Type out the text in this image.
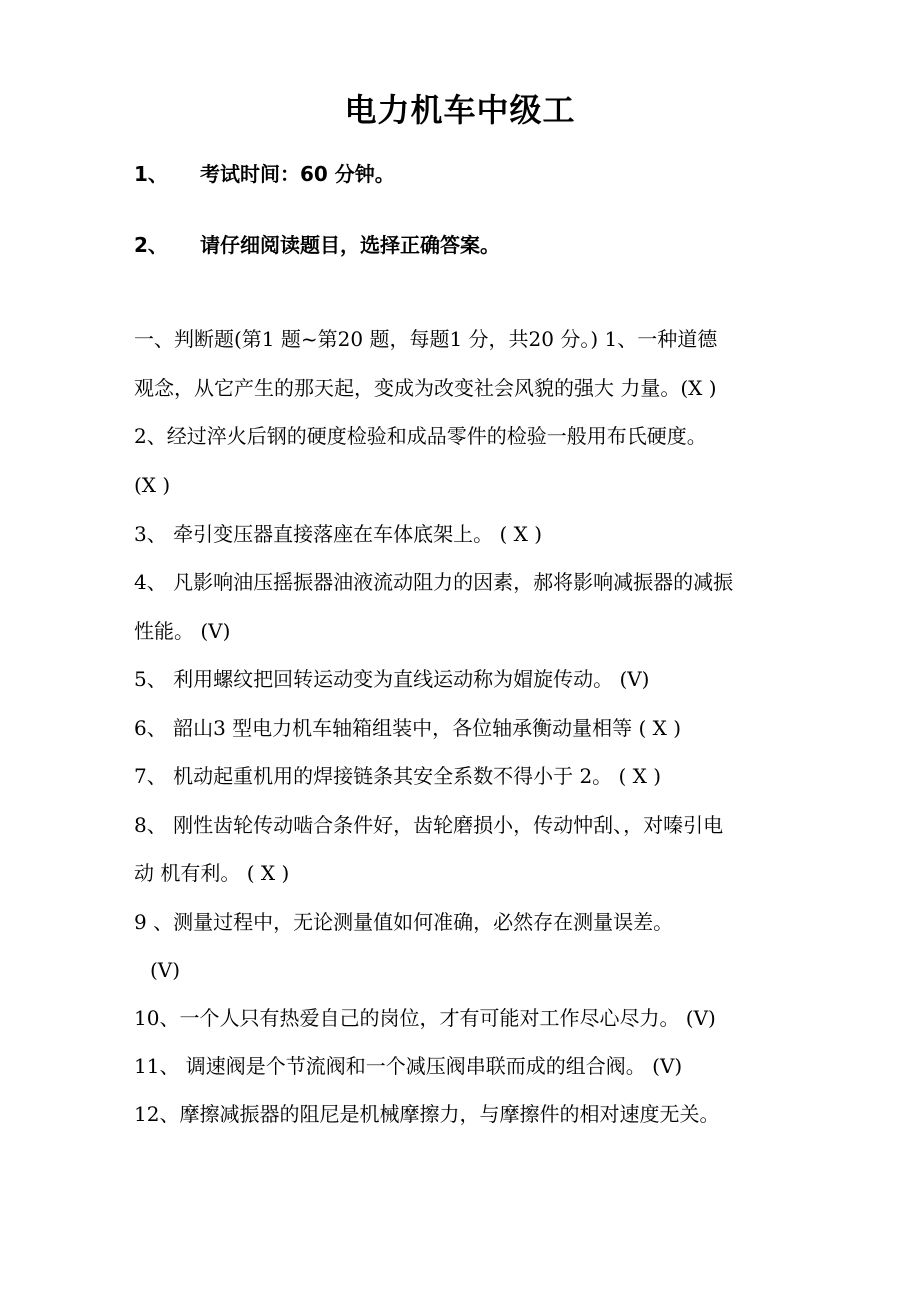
电力机车中级工
1、 考试时间：60 分钟。
2、 请仔细阅读题目，选择正确答案。
一、判断题(第1 题~第20 题，每题1 分，共20 分。) 1、一种道德
观念，从它产生的那天起，变成为改变社会风貌的强大 力量。(X )
2、经过淬火后钢的硬度检验和成品零件的检验一般用布氏硬度。
(X )
3、 牵引变压器直接落座在车体底架上。 ( X )
4、 凡影响油压摇振器油液流动阻力的因素，郝将影响减振器的减振
性能。 (V)
5、 利用螺纹把回转运动变为直线运动称为媢旋传动。 (V)
6、 韶山3 型电力机车轴箱组装中，各位轴承衡动量相等 ( X )
7、 机动起重机用的焊接链条其安全系数不得小于 2。 ( X )
8、 刚性齿轮传动啮合条件好，齿轮磨损小，传动忡刮、，对嗪引电
动 机有利。 ( X )
9 、测量过程中，无论测量值如何准确，必然存在测量误差。
(V)
10、一个人只有热爱自己的岗位，才有可能对工作尽心尽力。 (V)
11、 调速阀是个节流阀和一个减压阀串联而成的组合阀。 (V)
12、摩擦减振器的阻尼是机械摩擦力，与摩擦件的相对速度无关。
